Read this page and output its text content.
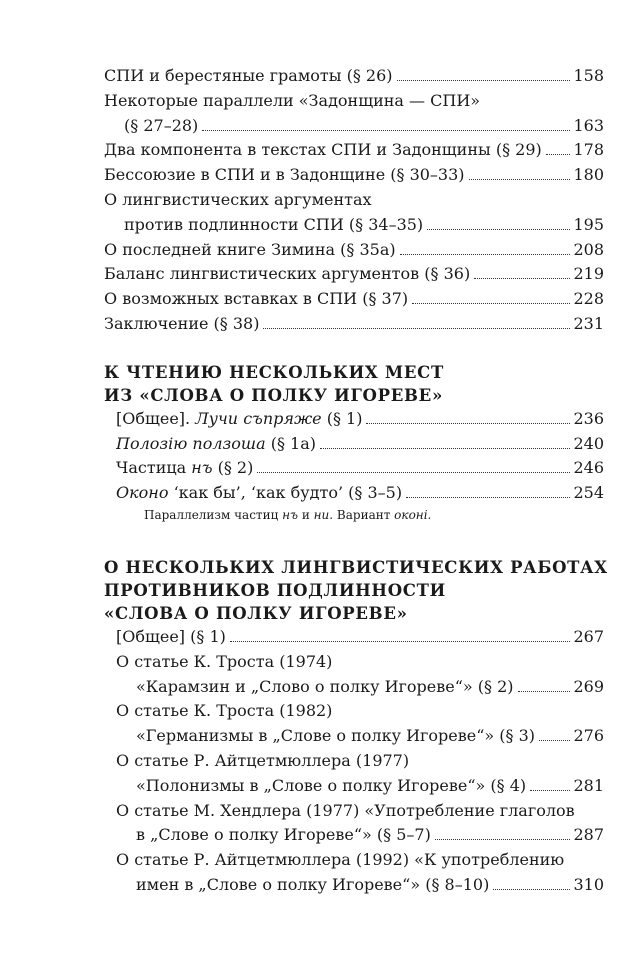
СПИ и берестяные грамоты (§ 26)	158
Некоторые параллели «Задонщина — СПИ»
(§ 27–28)	163
Два компонента в текстах СПИ и Задонщины (§ 29) 178
Бессоюзие в СПИ и в Задонщине (§ 30–33)	180
О лингвистических аргументах
против подлинности СПИ (§ 34–35)	195
О последней книге Зимина (§ 35а)	208
Баланс лингвистических аргументов (§ 36)	219
О возможных вставках в СПИ (§ 37)	228
Заключение (§ 38)	231
К ЧТЕНИЮ НЕСКОЛЬКИХ МЕСТ
ИЗ «СЛОВА О ПОЛКУ ИГОРЕВЕ»
[Общее]. Лучи съпряже (§ 1)	236
Полозію ползоша (§ 1а)	240
Частица нъ (§ 2)	246
Оконо ‘как бы’, ‘как будто’ (§ 3–5)	254
Параллелизм частиц нъ и ни. Вариант оконі.
О НЕСКОЛЬКИХ ЛИНГВИСТИЧЕСКИХ РАБОТАХ
ПРОТИВНИКОВ ПОДЛИННОСТИ
«СЛОВА О ПОЛКУ ИГОРЕВЕ»
[Общее] (§ 1)	267
О статье К. Троста (1974)
«Карамзин и „Слово о полку Игореве“» (§ 2)	269
О статье К. Троста (1982)
«Германизмы в „Слове о полку Игореве“» (§ 3) 276
О статье Р. Айтцетмюллера (1977)
«Полонизмы в „Слове о полку Игореве“» (§ 4)	281
О статье М. Хендлера (1977) «Употребление глаголов
в „Слове о полку Игореве“» (§ 5–7)	287
О статье Р. Айтцетмюллера (1992) «К употреблению
имен в „Слове о полку Игореве“» (§ 8–10)	310
